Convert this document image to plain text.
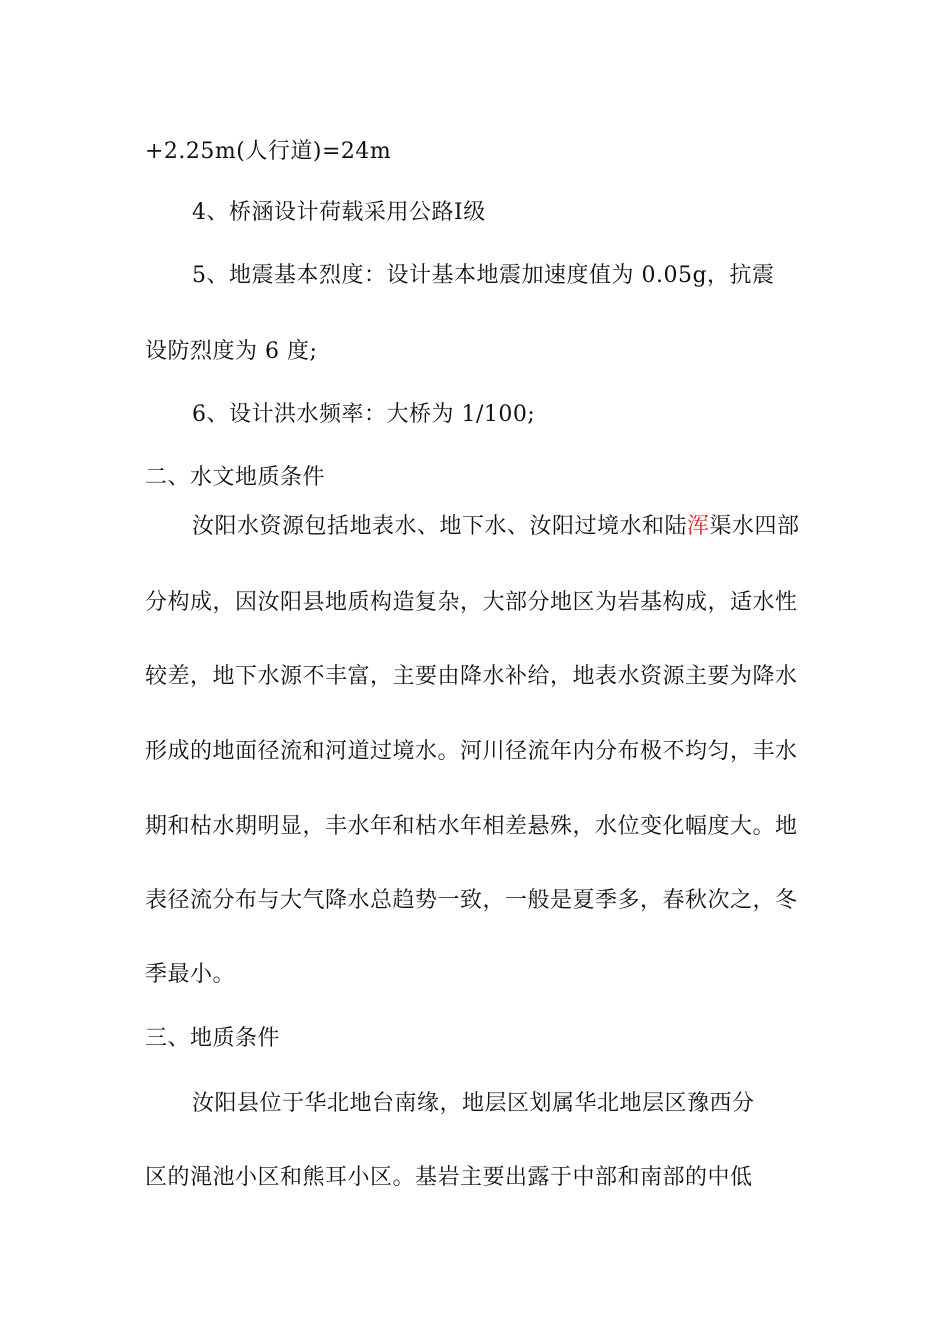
+2.25m(人行道)=24m
4、桥涵设计荷载采用公路Ⅰ级
5、地震基本烈度：设计基本地震加速度值为 0.05g，抗震
设防烈度为 6 度;
6、设计洪水频率：大桥为 1/100;
二、水文地质条件
汝阳水资源包括地表水、地下水、汝阳过境水和陆浑渠水四部
分构成，因汝阳县地质构造复杂，大部分地区为岩基构成，适水性
较差，地下水源不丰富，主要由降水补给，地表水资源主要为降水
形成的地面径流和河道过境水。河川径流年内分布极不均匀，丰水
期和枯水期明显，丰水年和枯水年相差悬殊，水位变化幅度大。地
表径流分布与大气降水总趋势一致，一般是夏季多，春秋次之，冬
季最小。
三、地质条件
汝阳县位于华北地台南缘，地层区划属华北地层区豫西分
区的渑池小区和熊耳小区。基岩主要出露于中部和南部的中低
